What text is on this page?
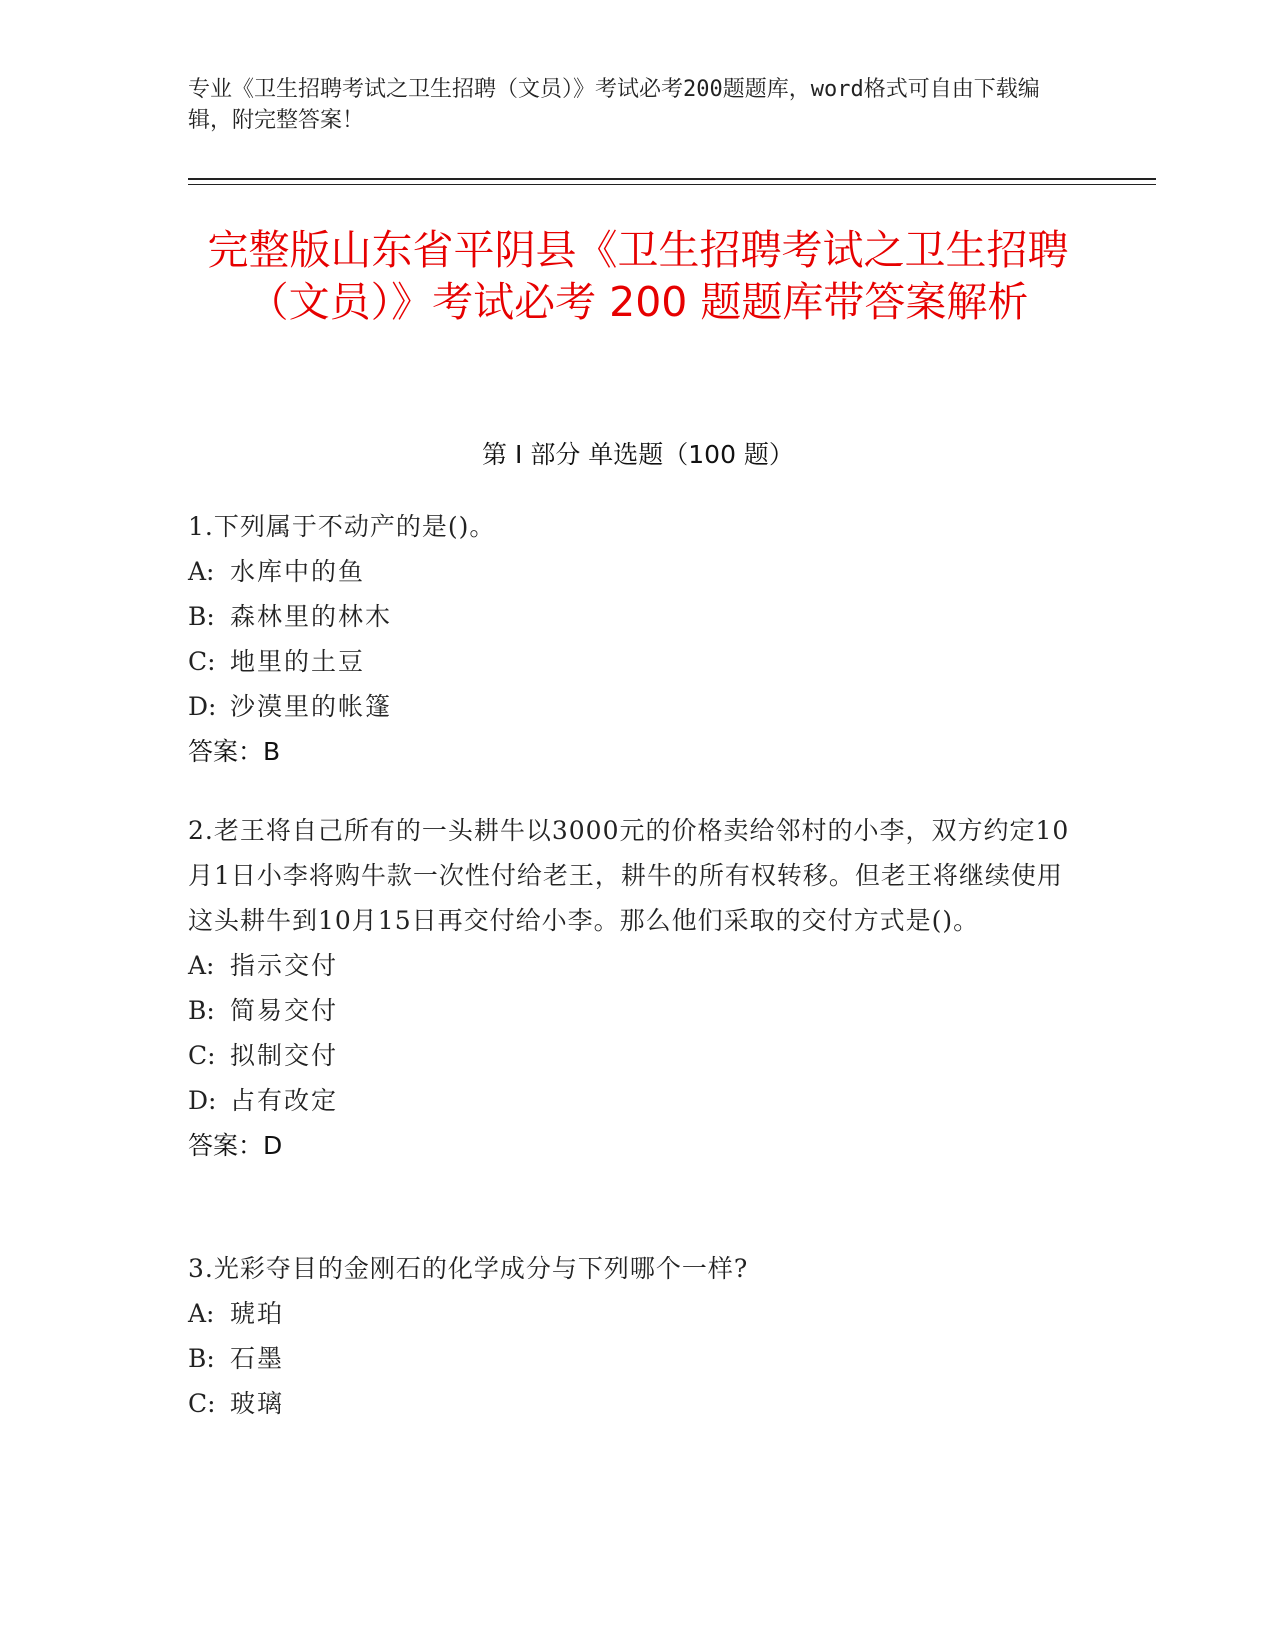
专业《卫生招聘考试之卫生招聘（文员）》考试必考200题题库，word格式可自由下载编辑，附完整答案！
完整版山东省平阴县《卫生招聘考试之卫生招聘（文员）》考试必考 200 题题库带答案解析
第 I 部分 单选题（100 题）

1.下列属于不动产的是()。

A: 水库中的鱼

B: 森林里的林木

C: 地里的土豆

D: 沙漠里的帐篷

答案：B

2.老王将自己所有的一头耕牛以3000元的价格卖给邻村的小李，双方约定10月1日小李将购牛款一次性付给老王，耕牛的所有权转移。但老王将继续使用这头耕牛到10月15日再交付给小李。那么他们采取的交付方式是()。

A: 指示交付

B: 简易交付

C: 拟制交付

D: 占有改定

答案：D

3.光彩夺目的金刚石的化学成分与下列哪个一样?

A: 琥珀

B: 石墨

C: 玻璃
